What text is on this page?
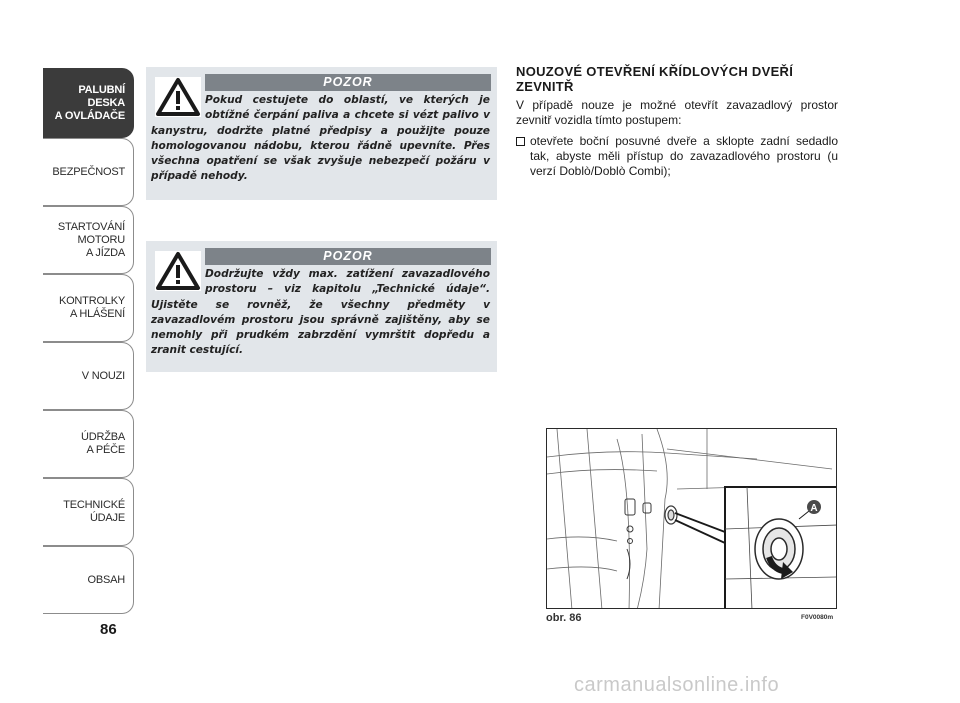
PALUBNÍ DESKA
A OVLÁDAČE
BEZPEČNOST
STARTOVÁNÍ
MOTORU
A JÍZDA
KONTROLKY
A HLÁŠENÍ
V NOUZI
ÚDRŽBA
A PÉČE
TECHNICKÉ
ÚDAJE
OBSAH
86
POZOR
Pokud cestujete do oblastí, ve kterých je obtížné čerpání paliva a chcete si vézt palivo v kanystru, dodržte platné předpisy a použijte pouze homologovanou nádobu, kterou řádně upevníte. Přes všechna opatření se však zvyšuje nebezpečí požáru v případě nehody.
POZOR
Dodržujte vždy max. zatížení zavazadlového prostoru – viz kapitolu „Technické údaje“. Ujistěte se rovněž, že všechny předměty v zavazadlovém prostoru jsou správně zajištěny, aby se nemohly při prudkém zabrzdění vymrštit dopředu a zranit cestující.
NOUZOVÉ OTEVŘENÍ KŘÍDLOVÝCH DVEŘÍ ZEVNITŘ
V případě nouze je možné otevřít zavazadlový prostor zevnitř vozidla tímto postupem:
otevřete boční posuvné dveře a sklopte zadní sedadlo tak, abyste měli přístup do zavazadlového prostoru (u verzí Doblò/Doblò Combi);
A
obr. 86	F0V0080m
carmanualsonline.info
